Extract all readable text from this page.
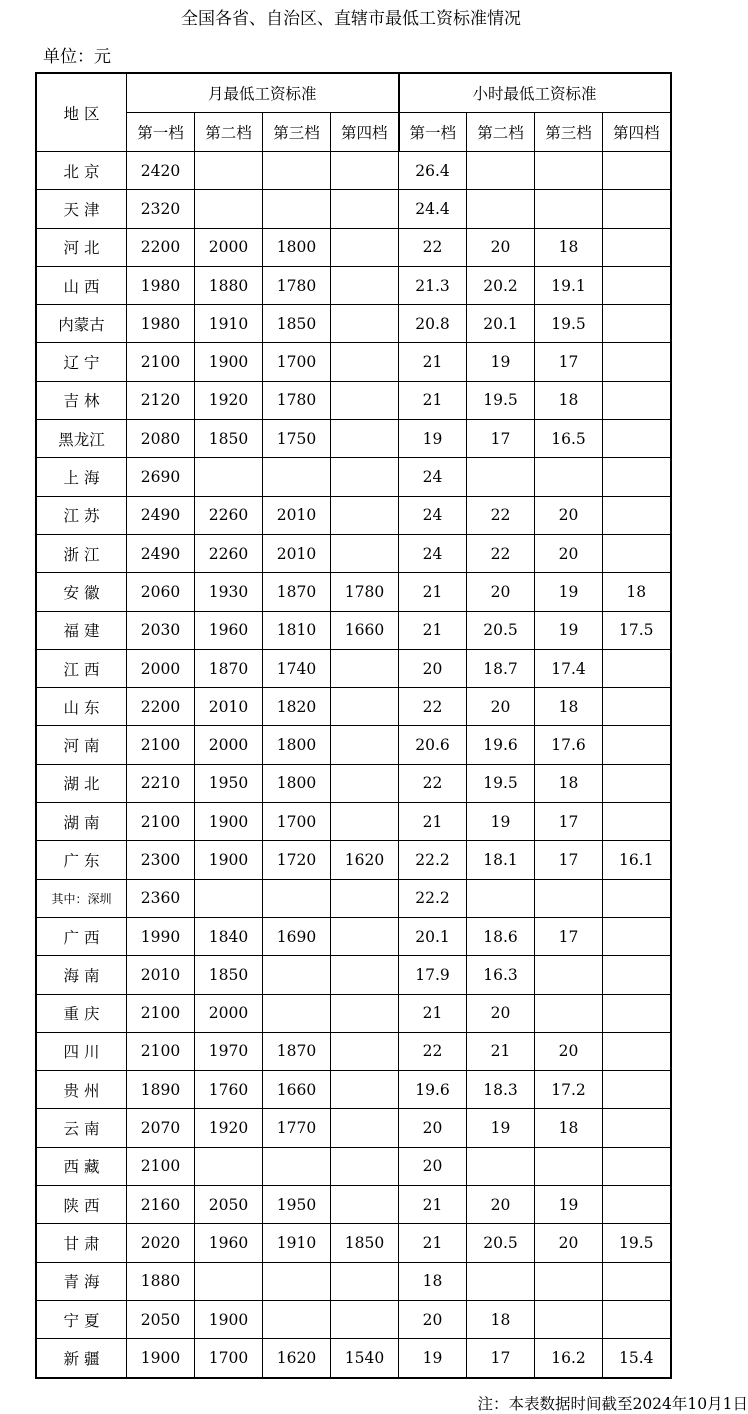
全国各省、自治区、直辖市最低工资标准情况
单位：元
地 区	月最低工资标准				小时最低工资标准			
	第一档	第二档	第三档	第四档	第一档	第二档	第三档	第四档
北 京	2420				26.4			
天 津	2320				24.4			
河 北	2200	2000	1800		22	20	18	
山 西	1980	1880	1780		21.3	20.2	19.1	
内蒙古	1980	1910	1850		20.8	20.1	19.5	
辽 宁	2100	1900	1700		21	19	17	
吉 林	2120	1920	1780		21	19.5	18	
黑龙江	2080	1850	1750		19	17	16.5	
上 海	2690				24			
江 苏	2490	2260	2010		24	22	20	
浙 江	2490	2260	2010		24	22	20	
安 徽	2060	1930	1870	1780	21	20	19	18
福 建	2030	1960	1810	1660	21	20.5	19	17.5
江 西	2000	1870	1740		20	18.7	17.4	
山 东	2200	2010	1820		22	20	18	
河 南	2100	2000	1800		20.6	19.6	17.6	
湖 北	2210	1950	1800		22	19.5	18	
湖 南	2100	1900	1700		21	19	17	
广 东	2300	1900	1720	1620	22.2	18.1	17	16.1
其中：深圳	2360				22.2			
广 西	1990	1840	1690		20.1	18.6	17	
海 南	2010	1850			17.9	16.3		
重 庆	2100	2000			21	20		
四 川	2100	1970	1870		22	21	20	
贵 州	1890	1760	1660		19.6	18.3	17.2	
云 南	2070	1920	1770		20	19	18	
西 藏	2100				20			
陕 西	2160	2050	1950		21	20	19	
甘 肃	2020	1960	1910	1850	21	20.5	20	19.5
青 海	1880				18			
宁 夏	2050	1900			20	18		
新 疆	1900	1700	1620	1540	19	17	16.2	15.4
注：本表数据时间截至2024年10月1日
